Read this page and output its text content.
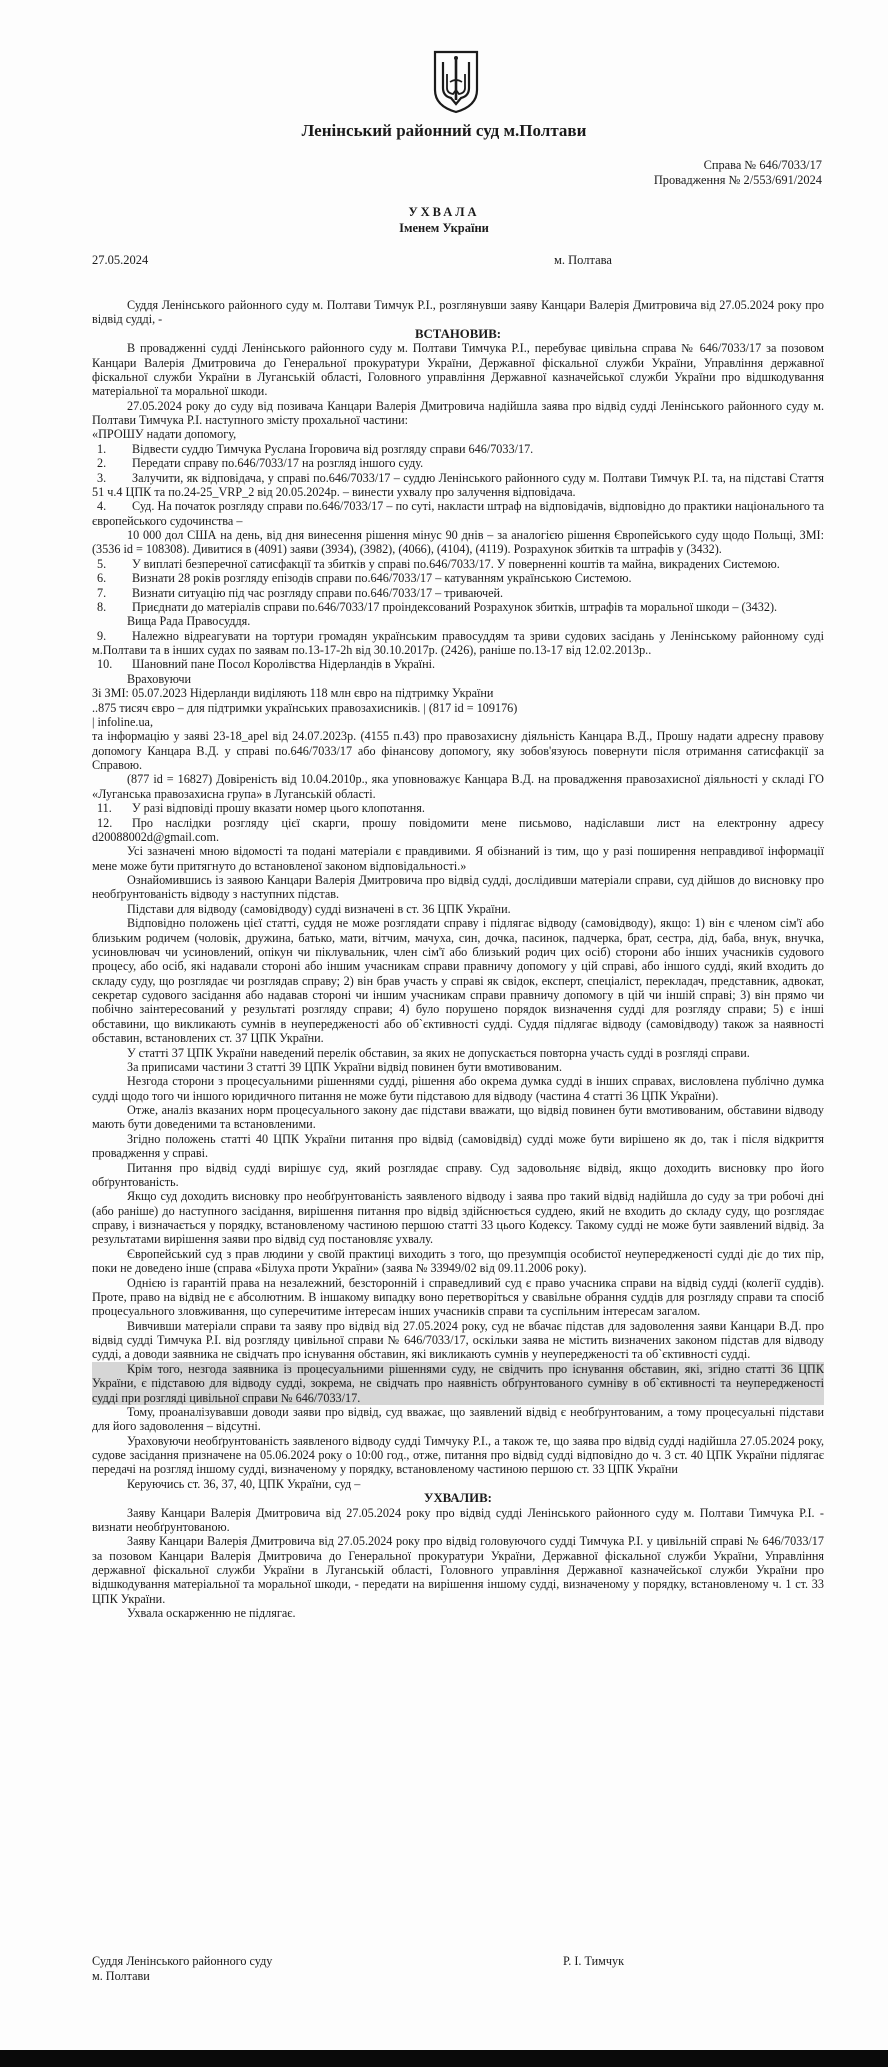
Ленінський районний суд м.Полтави
Справа № 646/7033/17
Провадження № 2/553/691/2024
УХВАЛА
Іменем України
27.05.2024	м. Полтава

Суддя Ленінського районного суду м. Полтави Тимчук Р.І., розглянувши заяву Канцари Валерія Дмитровича від 27.05.2024 року про відвід судді, -

ВСТАНОВИВ:

В провадженні судді Ленінського районного суду м. Полтави Тимчука Р.І., перебуває цивільна справа № 646/7033/17 за позовом Канцари Валерія Дмитровича до Генеральної прокуратури України, Державної фіскальної служби України, Управління державної фіскальної служби України в Луганській області, Головного управління Державної казначейської служби України про відшкодування матеріальної та моральної шкоди.

27.05.2024 року до суду від позивача Канцари Валерія Дмитровича надійшла заява про відвід судді Ленінського районного суду м. Полтави Тимчука Р.І. наступного змісту прохальної частини:

«ПРОШУ надати допомогу,

1. Відвести суддю Тимчука Руслана Ігоровича від розгляду справи 646/7033/17.

2. Передати справу по.646/7033/17 на розгляд іншого суду.

3. Залучити, як відповідача, у справі по.646/7033/17 – суддю Ленінського районного суду м. Полтави Тимчук Р.І. та, на підставі Стаття 51 ч.4 ЦПК та по.24-25_VRP_2 від 20.05.2024р. – винести ухвалу про залучення відповідача.

4. Суд. На початок розгляду справи по.646/7033/17 – по суті, накласти штраф на відповідачів, відповідно до практики національного та європейського судочинства –

10 000 дол США на день, від дня винесення рішення мінус 90 днів – за аналогією рішення Європейського суду щодо Польщі, ЗМІ: (3536 id = 108308). Дивитися в (4091) заяви (3934), (3982), (4066), (4104), (4119). Розрахунок збитків та штрафів у (3432).

5. У виплаті безперечної сатисфакції та збитків у справі по.646/7033/17. У поверненні коштів та майна, викрадених Системою.

6. Визнати 28 років розгляду епізодів справи по.646/7033/17 – катуванням українською Системою.

7. Визнати ситуацію під час розгляду справи по.646/7033/17 – триваючей.

8. Приєднати до матеріалів справи по.646/7033/17 проіндексований Розрахунок збитків, штрафів та моральної шкоди – (3432).

Вища Рада Правосуддя.

9. Належно відреагувати на тортури громадян українським правосуддям та зриви судових засідань у Ленінському районному суді м.Полтави та в інших судах по заявам по.13-17-2h від 30.10.2017р. (2426), раніше по.13-17 від 12.02.2013р..

10. Шановний пане Посол Королівства Нідерландів в Україні.

Враховуючи

Зі ЗМІ: 05.07.2023 Нідерланди виділяють 118 млн євро на підтримку України

..875 тисяч євро – для підтримки українських правозахисників. | (817 id = 109176)

| infoline.ua,

та інформацію у заяві 23-18_apel від 24.07.2023р. (4155 п.43) про правозахисну діяльність Канцара В.Д., Прошу надати адресну правову допомогу Канцара В.Д. у справі по.646/7033/17 або фінансову допомогу, яку зобов'язуюсь повернути після отримання сатисфакції за Справою.

(877 id = 16827) Довіреність від 10.04.2010р., яка уповноважує Канцара В.Д. на провадження правозахисної діяльності у складі ГО «Луганська правозахисна група» в Луганській області.

11. У разі відповіді прошу вказати номер цього клопотання.

12. Про наслідки розгляду цієї скарги, прошу повідомити мене письмово, надіславши лист на електронну адресу d20088002d@gmail.com.

Усі зазначені мною відомості та подані матеріали є правдивими. Я обізнаний із тим, що у разі поширення неправдивої інформації мене може бути притягнуто до встановленої законом відповідальності.»

Ознайомившись із заявою Канцари Валерія Дмитровича про відвід судді, дослідивши матеріали справи, суд дійшов до висновку про необґрунтованість відводу з наступних підстав.

Підстави для відводу (самовідводу) судді визначені в ст. 36 ЦПК України.

Відповідно положень цієї статті, суддя не може розглядати справу і підлягає відводу (самовідводу), якщо: 1) він є членом сім'ї або близьким родичем (чоловік, дружина, батько, мати, вітчим, мачуха, син, дочка, пасинок, падчерка, брат, сестра, дід, баба, внук, внучка, усиновлювач чи усиновлений, опікун чи піклувальник, член сім'ї або близький родич цих осіб) сторони або інших учасників судового процесу, або осіб, які надавали стороні або іншим учасникам справи правничу допомогу у цій справі, або іншого судді, який входить до складу суду, що розглядає чи розглядав справу; 2) він брав участь у справі як свідок, експерт, спеціаліст, перекладач, представник, адвокат, секретар судового засідання або надавав стороні чи іншим учасникам справи правничу допомогу в цій чи іншій справі; 3) він прямо чи побічно заінтересований у результаті розгляду справи; 4) було порушено порядок визначення судді для розгляду справи; 5) є інші обставини, що викликають сумнів в неупередженості або об`єктивності судді. Суддя підлягає відводу (самовідводу) також за наявності обставин, встановлених ст. 37 ЦПК України.

У статті 37 ЦПК України наведений перелік обставин, за яких не допускається повторна участь судді в розгляді справи.

За приписами частини 3 статті 39 ЦПК України відвід повинен бути вмотивованим.

Незгода сторони з процесуальними рішеннями судді, рішення або окрема думка судді в інших справах, висловлена публічно думка судді щодо того чи іншого юридичного питання не може бути підставою для відводу (частина 4 статті 36 ЦПК України).

Отже, аналіз вказаних норм процесуального закону дає підстави вважати, що відвід повинен бути вмотивованим, обставини відводу мають бути доведеними та встановленими.

Згідно положень статті 40 ЦПК України питання про відвід (самовідвід) судді може бути вирішено як до, так і після відкриття провадження у справі.

Питання про відвід судді вирішує суд, який розглядає справу. Суд задовольняє відвід, якщо доходить висновку про його обґрунтованість.

Якщо суд доходить висновку про необґрунтованість заявленого відводу і заява про такий відвід надійшла до суду за три робочі дні (або раніше) до наступного засідання, вирішення питання про відвід здійснюється суддею, який не входить до складу суду, що розглядає справу, і визначається у порядку, встановленому частиною першою статті 33 цього Кодексу. Такому судді не може бути заявлений відвід. За результатами вирішення заяви про відвід суд постановляє ухвалу.

Європейський суд з прав людини у своїй практиці виходить з того, що презумпція особистої неупередженості судді діє до тих пір, поки не доведено інше (справа «Білуха проти України» (заява № 33949/02 від 09.11.2006 року).

Однією із гарантій права на незалежний, безсторонній і справедливий суд є право учасника справи на відвід судді (колегії суддів). Проте, право на відвід не є абсолютним. В іншакому випадку воно перетворіться у свавільне обрання суддів для розгляду справи та спосіб процесуального зловживання, що суперечитиме інтересам інших учасників справи та суспільним інтересам загалом.

Вивчивши матеріали справи та заяву про відвід від 27.05.2024 року, суд не вбачає підстав для задоволення заяви Канцари В.Д. про відвід судді Тимчука Р.І. від розгляду цивільної справи № 646/7033/17, оскільки заява не містить визначених законом підстав для відводу судді, а доводи заявника не свідчать про існування обставин, які викликають сумнів у неупередженості та об`єктивності судді.

Крім того, незгода заявника із процесуальними рішеннями суду, не свідчить про існування обставин, які, згідно статті 36 ЦПК України, є підставою для відводу судді, зокрема, не свідчать про наявність обґрунтованого сумніву в об`єктивності та неупередженості судді при розгляді цивільної справи № 646/7033/17.

Тому, проаналізувавши доводи заяви про відвід, суд вважає, що заявлений відвід є необґрунтованим, а тому процесуальні підстави для його задоволення – відсутні.

Ураховуючи необґрунтованість заявленого відводу судді Тимчуку Р.І., а також те, що заява про відвід судді надійшла 27.05.2024 року, судове засідання призначене на 05.06.2024 року о 10:00 год., отже, питання про відвід судді відповідно до ч. 3 ст. 40 ЦПК України підлягає передачі на розгляд іншому судді, визначеному у порядку, встановленому частиною першою ст. 33 ЦПК України

Керуючись ст. 36, 37, 40, ЦПК України, суд –

УХВАЛИВ:

Заяву Канцари Валерія Дмитровича від 27.05.2024 року про відвід судді Ленінського районного суду м. Полтави Тимчука Р.І. - визнати необґрунтованою.

Заяву Канцари Валерія Дмитровича від 27.05.2024 року про відвід головуючого судді Тимчука Р.І. у цивільній справі № 646/7033/17 за позовом Канцари Валерія Дмитровича до Генеральної прокуратури України, Державної фіскальної служби України, Управління державної фіскальної служби України в Луганській області, Головного управління Державної казначейської служби України про відшкодування матеріальної та моральної шкоди, - передати на вирішення іншому судді, визначеному у порядку, встановленому ч. 1 ст. 33 ЦПК України.

Ухвала оскарженню не підлягає.

Суддя Ленінського районного суду
м. Полтави
Р. І. Тимчук
